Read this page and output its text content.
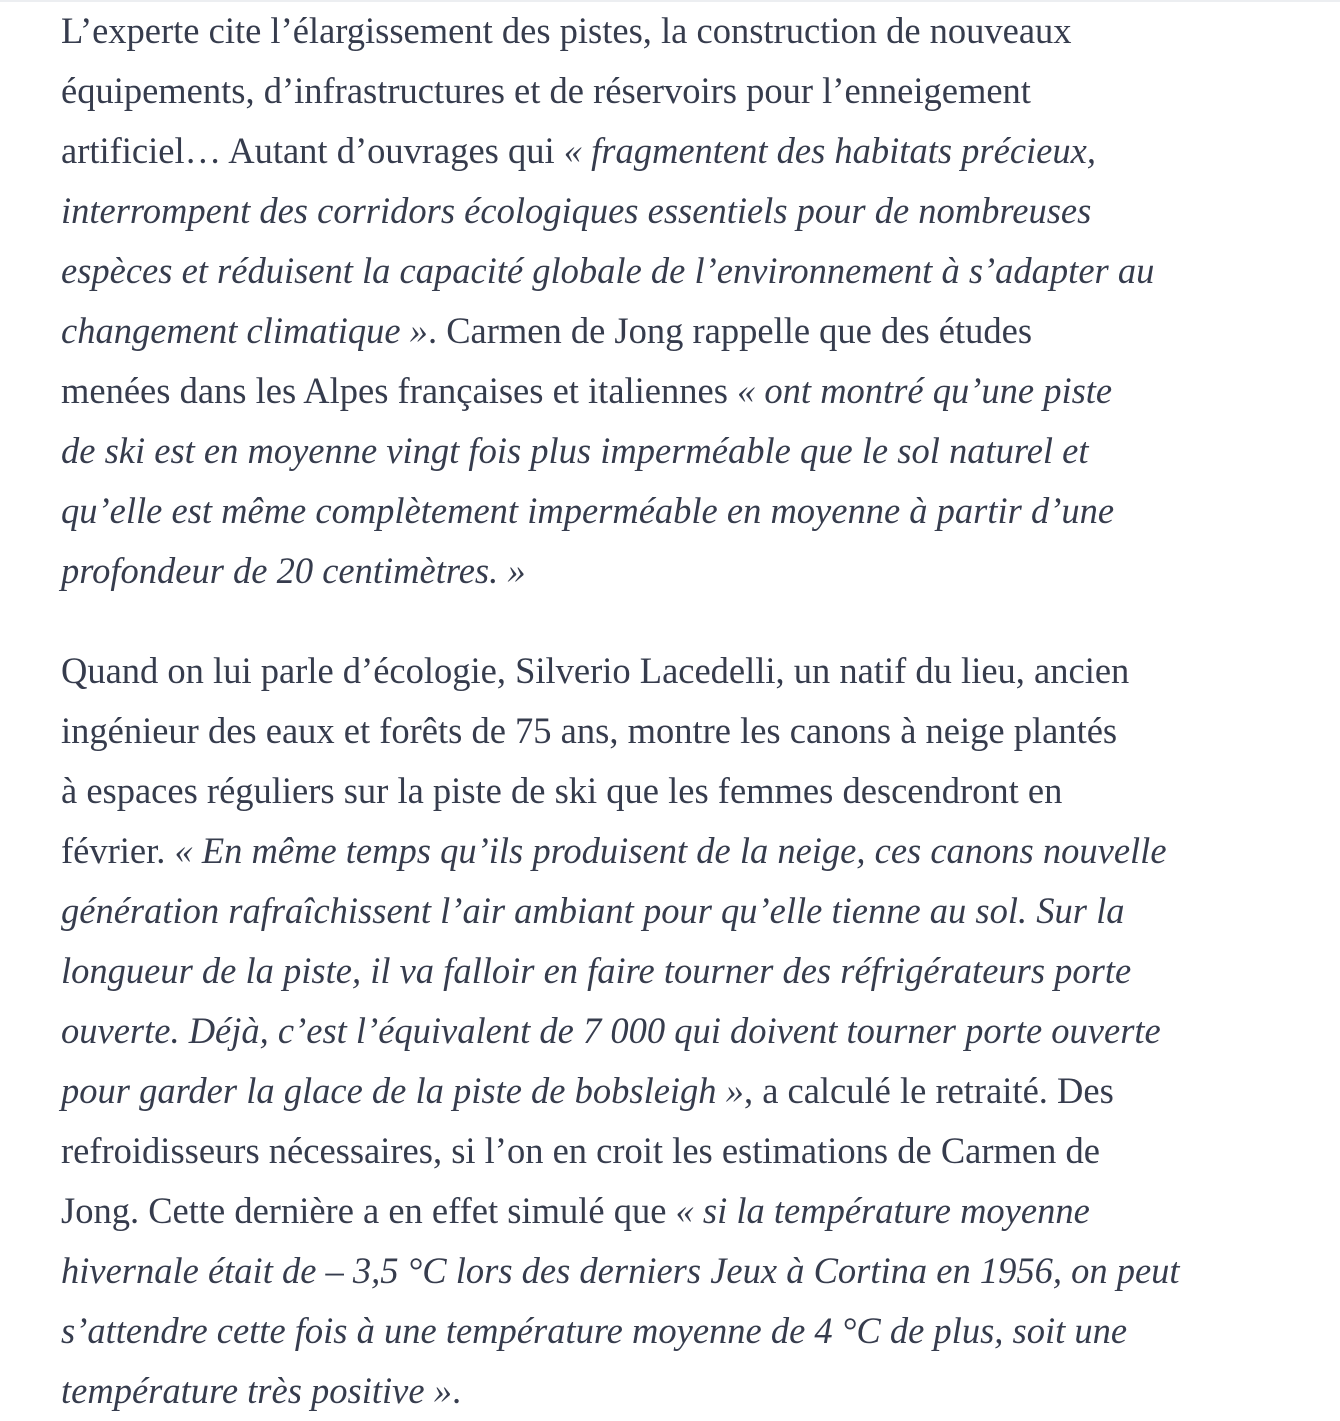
L’experte cite l’élargissement des pistes, la construction de nouveaux
équipements, d’infrastructures et de réservoirs pour l’enneigement
artificiel… Autant d’ouvrages qui « fragmentent des habitats précieux,
interrompent des corridors écologiques essentiels pour de nombreuses
espèces et réduisent la capacité globale de l’environnement à s’adapter au
changement climatique ». Carmen de Jong rappelle que des études
menées dans les Alpes françaises et italiennes « ont montré qu’une piste
de ski est en moyenne vingt fois plus imperméable que le sol naturel et
qu’elle est même complètement imperméable en moyenne à partir d’une
profondeur de 20 centimètres. »
Quand on lui parle d’écologie, Silverio Lacedelli, un natif du lieu, ancien
ingénieur des eaux et forêts de 75 ans, montre les canons à neige plantés
à espaces réguliers sur la piste de ski que les femmes descendront en
février. « En même temps qu’ils produisent de la neige, ces canons nouvelle
génération rafraîchissent l’air ambiant pour qu’elle tienne au sol. Sur la
longueur de la piste, il va falloir en faire tourner des réfrigérateurs porte
ouverte. Déjà, c’est l’équivalent de 7 000 qui doivent tourner porte ouverte
pour garder la glace de la piste de bobsleigh », a calculé le retraité. Des
refroidisseurs nécessaires, si l’on en croit les estimations de Carmen de
Jong. Cette dernière a en effet simulé que « si la température moyenne
hivernale était de – 3,5 °C lors des derniers Jeux à Cortina en 1956, on peut
s’attendre cette fois à une température moyenne de 4 °C de plus, soit une
température très positive ».
